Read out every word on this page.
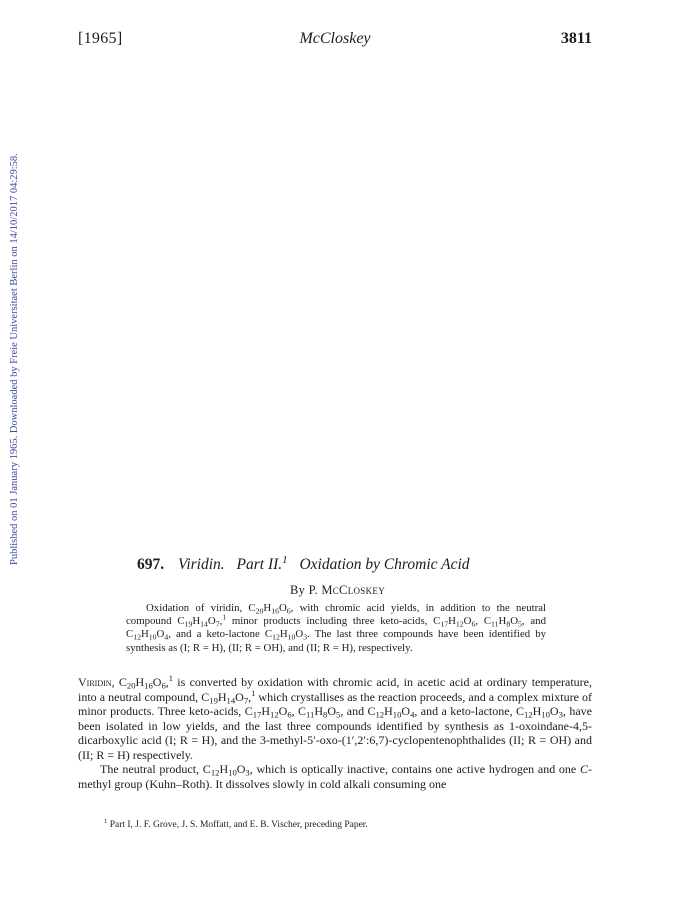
[1965]	McCloskey	3811
Published on 01 January 1965. Downloaded by Freie Universitaet Berlin on 14/10/2017 04:29:58.	697. Viridin. Part II.$^1$ Oxidation by Chromic Acid
By P. McCloskey

Oxidation of viridin, $C_{20}H_{16}O_6$, with chromic acid yields, in addition to the neutral compound $C_{19}H_{14}O_7,^1$ minor products including three keto-acids, $C_{17}H_{12}O_6$, $C_{11}H_8O_5$, and $C_{12}H_{10}O_4$, and a keto-lactone $C_{12}H_{10}O_3$. The last three compounds have been identified by synthesis as (I; R = H), (II; R = OH), and (II; R = H), respectively.

Viridin, $C_{20}H_{16}O_6,^1$ is converted by oxidation with chromic acid, in acetic acid at ordinary temperature, into a neutral compound, $C_{19}H_{14}O_7,^1$ which crystallises as the reaction proceeds, and a complex mixture of minor products. Three keto-acids, $C_{17}H_{12}O_6$, $C_{11}H_8O_5$, and $C_{12}H_{10}O_4$, and a keto-lactone, $C_{12}H_{10}O_3$, have been isolated in low yields, and the last three compounds identified by synthesis as 1-oxoindane-4,5-dicarboxylic acid (I; R = H), and the 3-methyl-5′-oxo-(1′,2′:6,7)-cyclopentenophthalides (II; R = OH) and (II; R = H) respectively.

The neutral product, $C_{12}H_{10}O_3$, which is optically inactive, contains one active hydrogen and one C-methyl group (Kuhn–Roth). It dissolves slowly in cold alkali consuming one

$^1$ Part I, J. F. Grove, J. S. Moffatt, and E. B. Vischer, preceding Paper.
